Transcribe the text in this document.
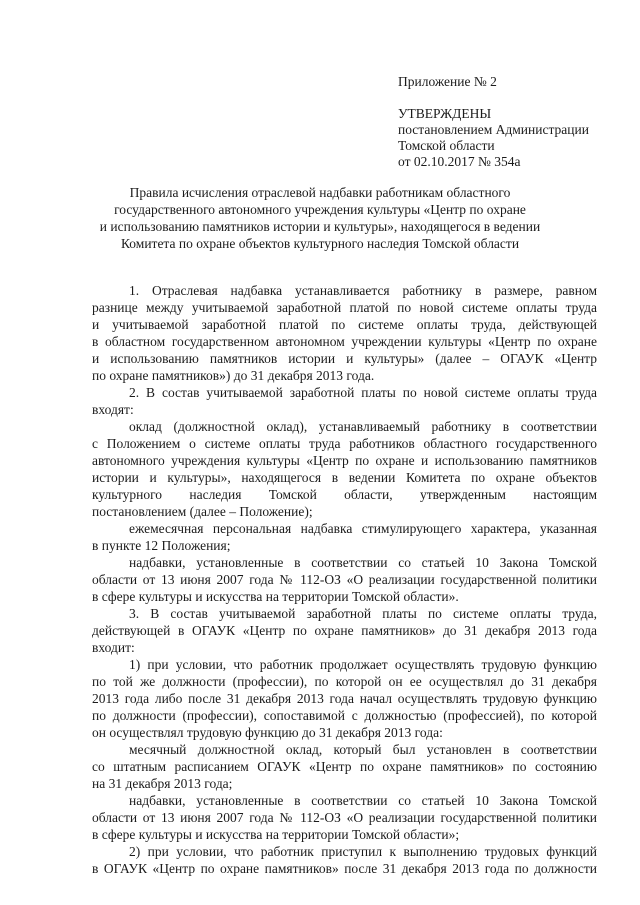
Приложение № 2
УТВЕРЖДЕНЫ
постановлением Администрации
Томской области
от 02.10.2017 № 354а
Правила исчисления отраслевой надбавки работникам областного
государственного автономного учреждения культуры «Центр по охране
и использованию памятников истории и культуры», находящегося в ведении
Комитета по охране объектов культурного наследия Томской области
1. Отраслевая надбавка устанавливается работнику в размере, равном
разнице между учитываемой заработной платой по новой системе оплаты труда
и учитываемой заработной платой по системе оплаты труда, действующей
в областном государственном автономном учреждении культуры «Центр по охране
и использованию памятников истории и культуры» (далее – ОГАУК «Центр
по охране памятников») до 31 декабря 2013 года.
2. В состав учитываемой заработной платы по новой системе оплаты труда
входят:
оклад (должностной оклад), устанавливаемый работнику в соответствии
с Положением о системе оплаты труда работников областного государственного
автономного учреждения культуры «Центр по охране и использованию памятников
истории и культуры», находящегося в ведении Комитета по охране объектов
культурного наследия Томской области, утвержденным настоящим
постановлением (далее – Положение);
ежемесячная персональная надбавка стимулирующего характера, указанная
в пункте 12 Положения;
надбавки, установленные в соответствии со статьей 10 Закона Томской
области от 13 июня 2007 года № 112-ОЗ «О реализации государственной политики
в сфере культуры и искусства на территории Томской области».
3. В состав учитываемой заработной платы по системе оплаты труда,
действующей в ОГАУК «Центр по охране памятников» до 31 декабря 2013 года
входит:
1) при условии, что работник продолжает осуществлять трудовую функцию
по той же должности (профессии), по которой он ее осуществлял до 31 декабря
2013 года либо после 31 декабря 2013 года начал осуществлять трудовую функцию
по должности (профессии), сопоставимой с должностью (профессией), по которой
он осуществлял трудовую функцию до 31 декабря 2013 года:
месячный должностной оклад, который был установлен в соответствии
со штатным расписанием ОГАУК «Центр по охране памятников» по состоянию
на 31 декабря 2013 года;
надбавки, установленные в соответствии со статьей 10 Закона Томской
области от 13 июня 2007 года № 112-ОЗ «О реализации государственной политики
в сфере культуры и искусства на территории Томской области»;
2) при условии, что работник приступил к выполнению трудовых функций
в ОГАУК «Центр по охране памятников» после 31 декабря 2013 года по должности
